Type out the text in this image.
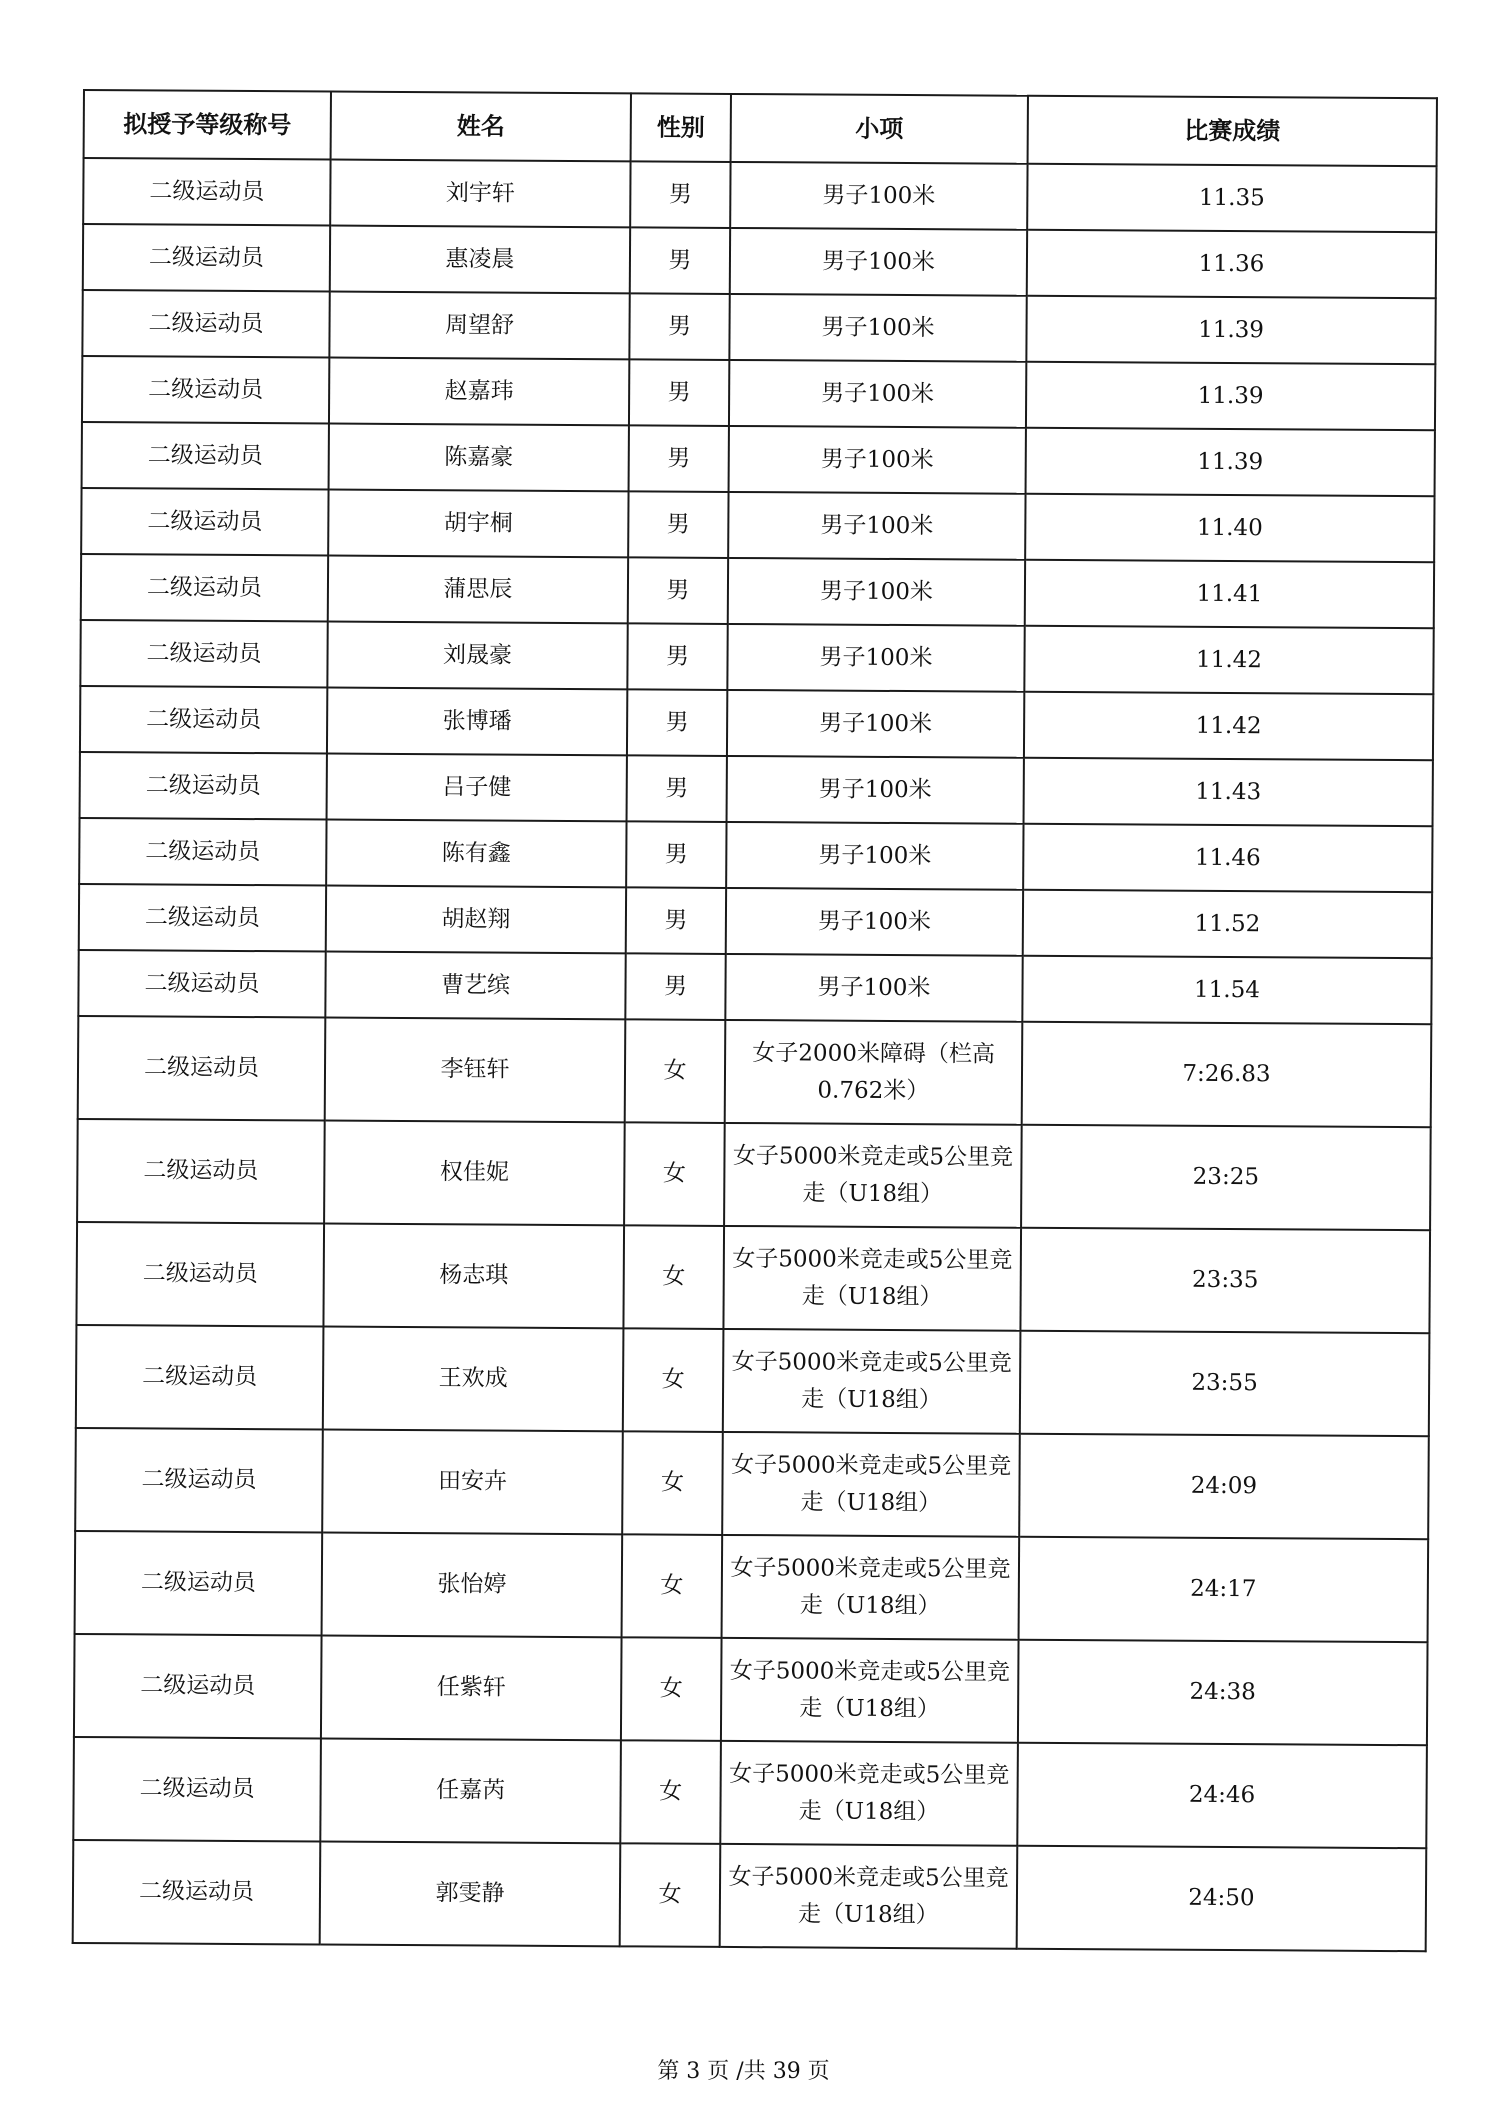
拟授予等级称号	姓名	性别	小项	比赛成绩
二级运动员	刘宇轩	男	男子100米	11.35
二级运动员	惠凌晨	男	男子100米	11.36
二级运动员	周望舒	男	男子100米	11.39
二级运动员	赵嘉玮	男	男子100米	11.39
二级运动员	陈嘉豪	男	男子100米	11.39
二级运动员	胡宇桐	男	男子100米	11.40
二级运动员	蒲思辰	男	男子100米	11.41
二级运动员	刘晟豪	男	男子100米	11.42
二级运动员	张博璠	男	男子100米	11.42
二级运动员	吕子健	男	男子100米	11.43
二级运动员	陈有鑫	男	男子100米	11.46
二级运动员	胡赵翔	男	男子100米	11.52
二级运动员	曹艺缤	男	男子100米	11.54
二级运动员	李钰轩	女	女子2000米障碍（栏高0.762米）	7:26.83
二级运动员	权佳妮	女	女子5000米竞走或5公里竞走（U18组）	23:25
二级运动员	杨志琪	女	女子5000米竞走或5公里竞走（U18组）	23:35
二级运动员	王欢成	女	女子5000米竞走或5公里竞走（U18组）	23:55
二级运动员	田安卉	女	女子5000米竞走或5公里竞走（U18组）	24:09
二级运动员	张怡婷	女	女子5000米竞走或5公里竞走（U18组）	24:17
二级运动员	任紫轩	女	女子5000米竞走或5公里竞走（U18组）	24:38
二级运动员	任嘉芮	女	女子5000米竞走或5公里竞走（U18组）	24:46
二级运动员	郭雯静	女	女子5000米竞走或5公里竞走（U18组）	24:50
第 3 页 /共 39 页
